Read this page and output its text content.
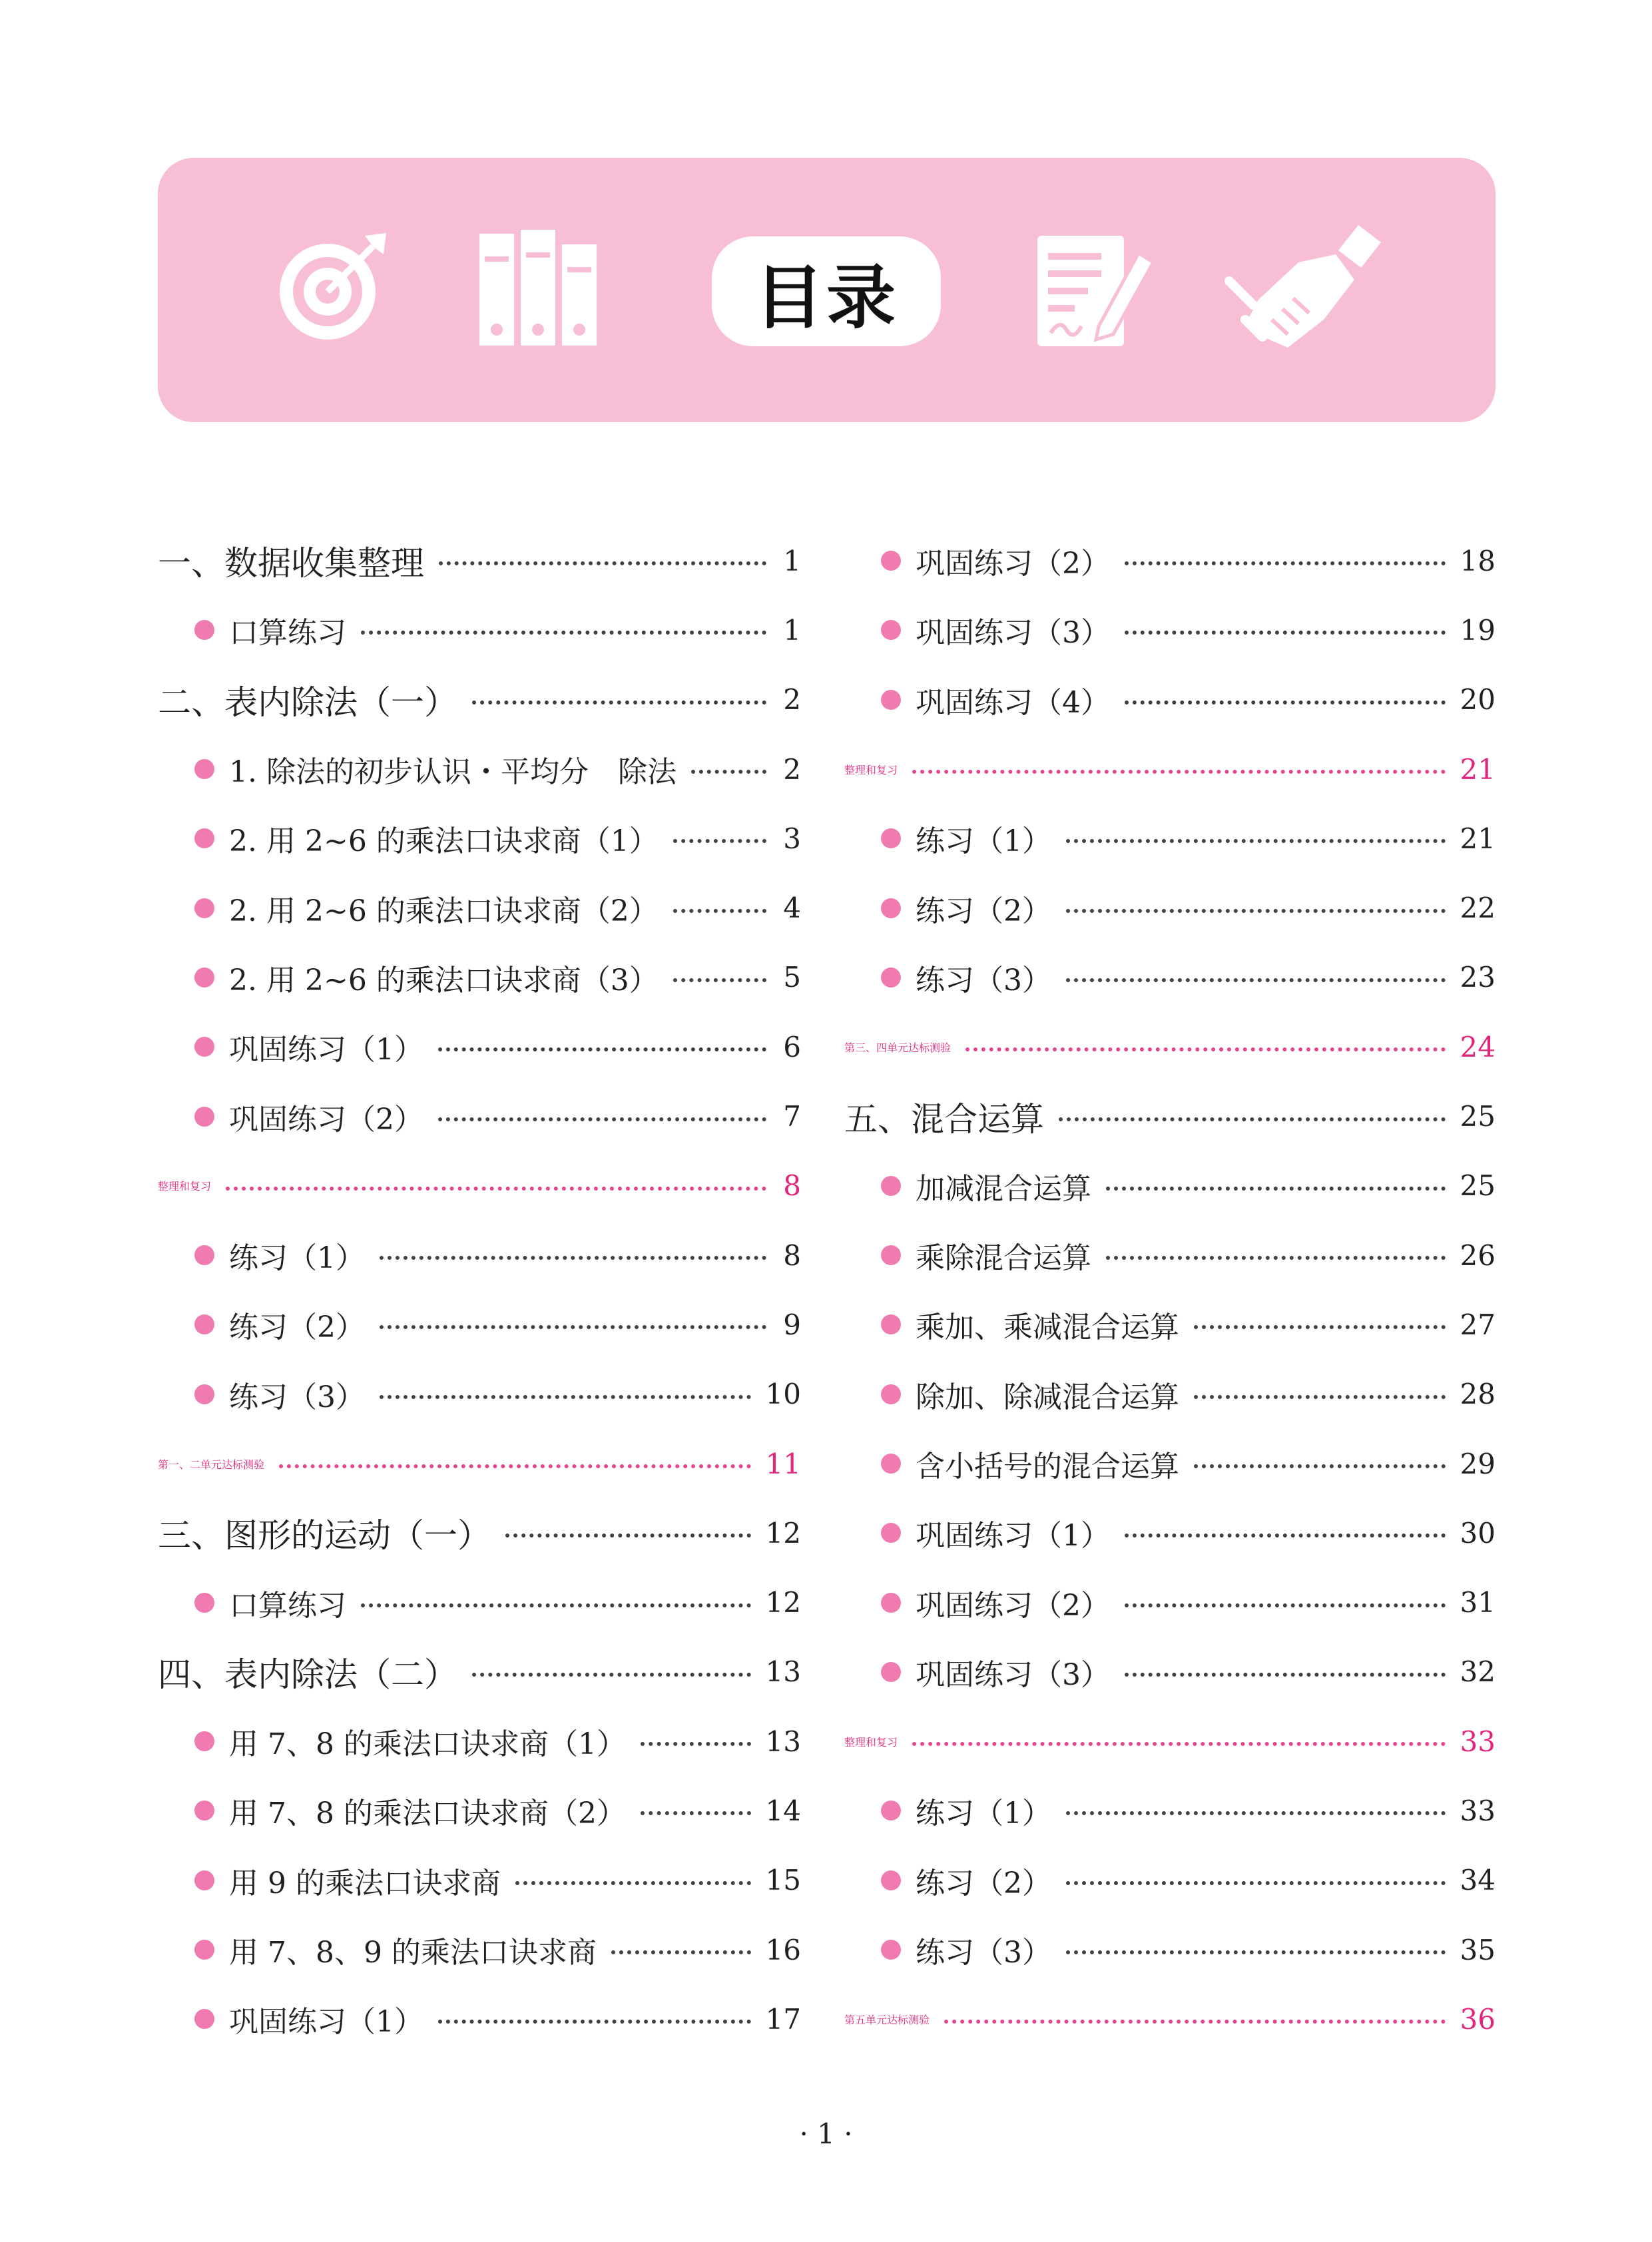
目录
一、数据收集整理	1
口算练习	1
二、表内除法（一）	2
1. 除法的初步认识・平均分　除法	2
2. 用 2~6 的乘法口诀求商（1）	3
2. 用 2~6 的乘法口诀求商（2）	4
2. 用 2~6 的乘法口诀求商（3）	5
巩固练习（1）	6
巩固练习（2）	7
整理和复习	8
练习（1）	8
练习（2）	9
练习（3）	10
第一、二单元达标测验	11
三、图形的运动（一）	12
口算练习	12
四、表内除法（二）	13
用 7、8 的乘法口诀求商（1）	13
用 7、8 的乘法口诀求商（2）	14
用 9 的乘法口诀求商	15
用 7、8、9 的乘法口诀求商	16
巩固练习（1）	17
巩固练习（2）	18
巩固练习（3）	19
巩固练习（4）	20
整理和复习	21
练习（1）	21
练习（2）	22
练习（3）	23
第三、四单元达标测验	24
五、混合运算	25
加减混合运算	25
乘除混合运算	26
乘加、乘减混合运算	27
除加、除减混合运算	28
含小括号的混合运算	29
巩固练习（1）	30
巩固练习（2）	31
巩固练习（3）	32
整理和复习	33
练习（1）	33
练习（2）	34
练习（3）	35
第五单元达标测验	36
· 1 ·
